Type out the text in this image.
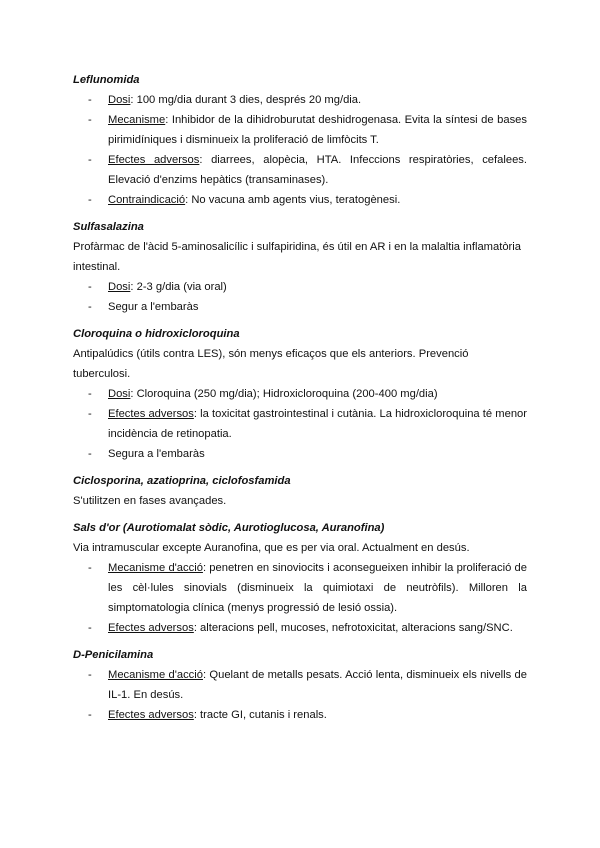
Leflunomida
- Dosi: 100 mg/dia durant 3 dies, després 20 mg/dia.
- Mecanisme: Inhibidor de la dihidroburutat deshidrogenasa. Evita la síntesi de bases pirimidíniques i disminueix la proliferació de limfòcits T.
- Efectes adversos: diarrees, alopècia, HTA. Infeccions respiratòries, cefalees. Elevació d'enzims hepàtics (transaminases).
- Contraindicació: No vacuna amb agents vius, teratogènesi.
Sulfasalazina
Profàrmac de l'àcid 5-aminosalicílic i sulfapiridina, és útil en AR i en la malaltia inflamatòria intestinal.
- Dosi: 2-3 g/dia (via oral)
- Segur a l'embaràs
Cloroquina o hidroxicloroquina
Antipalúdics (útils contra LES), són menys eficaços que els anteriors. Prevenció tuberculosi.
- Dosi: Cloroquina (250 mg/dia); Hidroxicloroquina (200-400 mg/dia)
- Efectes adversos: la toxicitat gastrointestinal i cutània. La hidroxicloroquina té menor incidència de retinopatia.
- Segura a l'embaràs
Ciclosporina, azatioprina, ciclofosfamida
S'utilitzen en fases avançades.
Sals d'or (Aurotiomalat sòdic, Aurotioglucosa, Auranofina)
Via intramuscular excepte Auranofina, que es per via oral. Actualment en desús.
- Mecanisme d'acció: penetren en sinoviocits i aconsegueixen inhibir la proliferació de les cèl·lules sinovials (disminueix la quimiotaxi de neutròfils). Milloren la simptomatologia clínica (menys progressió de lesió ossia).
- Efectes adversos: alteracions pell, mucoses, nefrotoxicitat, alteracions sang/SNC.
D-Penicilamina
- Mecanisme d'acció: Quelant de metalls pesats. Acció lenta, disminueix els nivells de IL-1. En desús.
- Efectes adversos: tracte GI, cutanis i renals.
